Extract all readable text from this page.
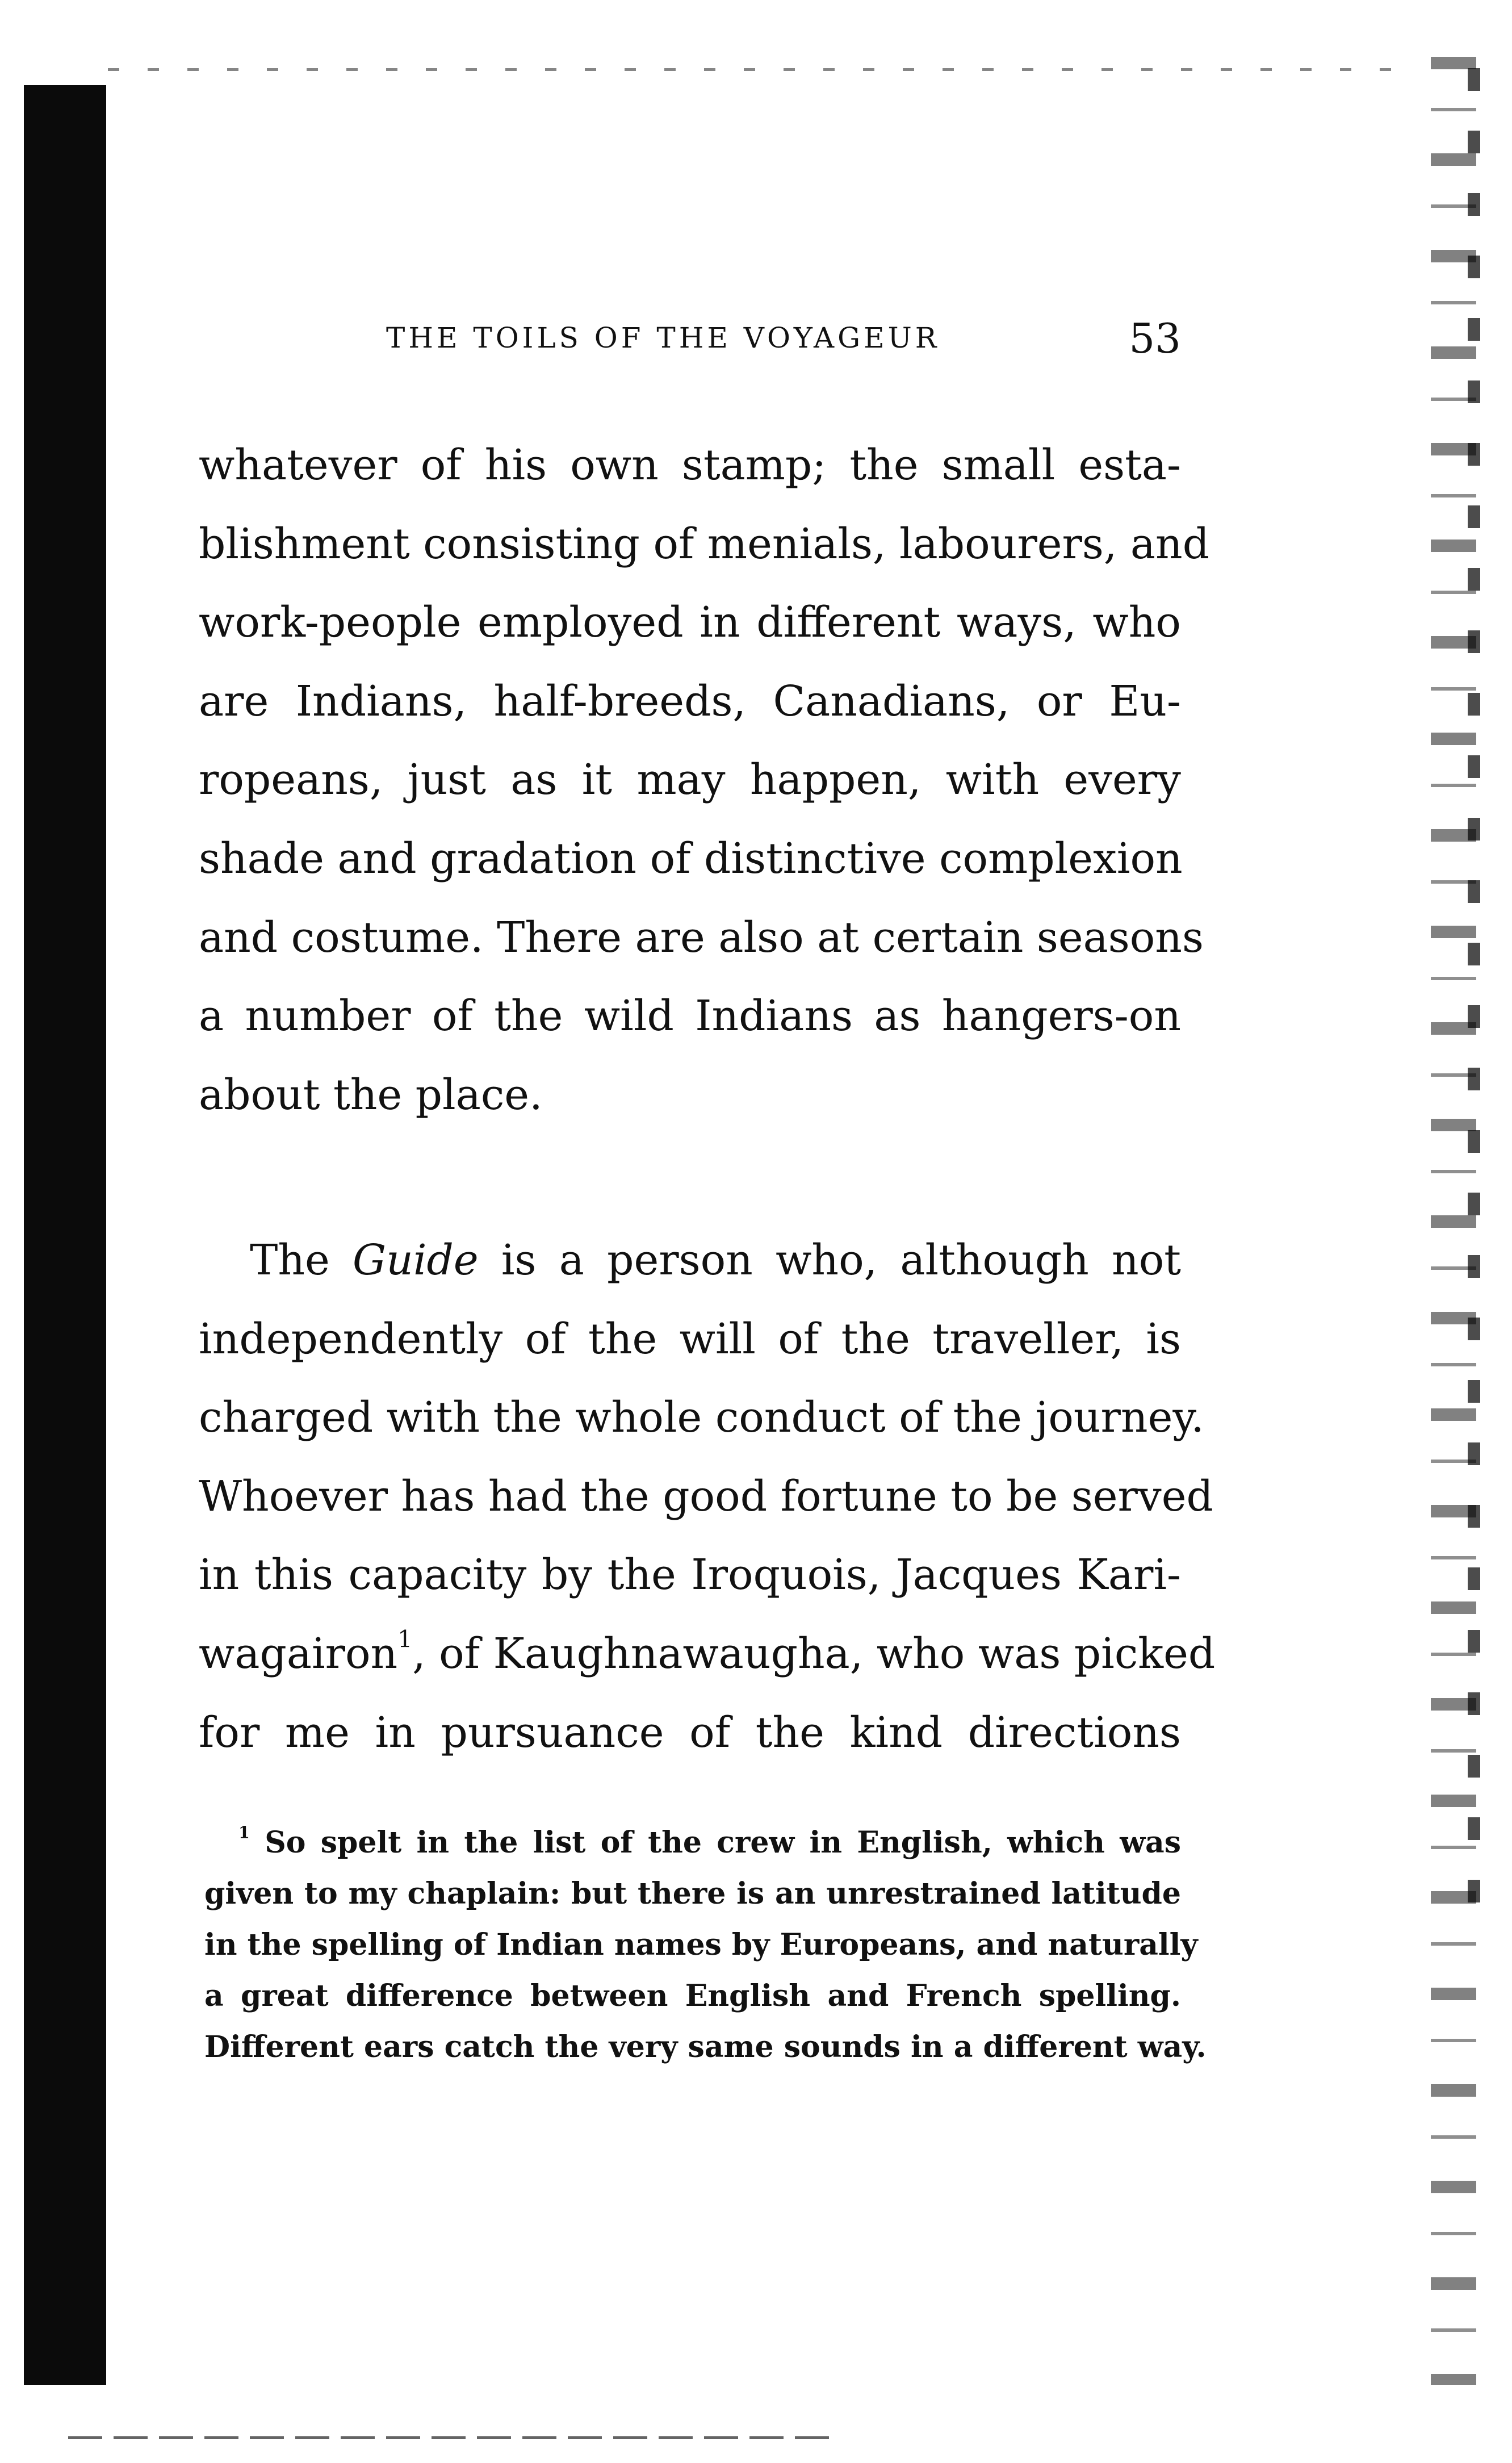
THE TOILS OF THE VOYAGEUR	53
whatever of his own stamp; the small esta-
blishment consisting of menials, labourers, and
work-people employed in different ways, who
are Indians, half-breeds, Canadians, or Eu-
ropeans, just as it may happen, with every
shade and gradation of distinctive complexion
and costume. There are also at certain seasons
a number of the wild Indians as hangers-on
about the place.
The Guide is a person who, although not
independently of the will of the traveller, is
charged with the whole conduct of the journey.
Whoever has had the good fortune to be served
in this capacity by the Iroquois, Jacques Kari-
wagairon$^1$, of Kaughnawaugha, who was picked
for me in pursuance of the kind directions
$^1$ So spelt in the list of the crew in English, which was
given to my chaplain: but there is an unrestrained latitude
in the spelling of Indian names by Europeans, and naturally
a great difference between English and French spelling.
Different ears catch the very same sounds in a different way.
